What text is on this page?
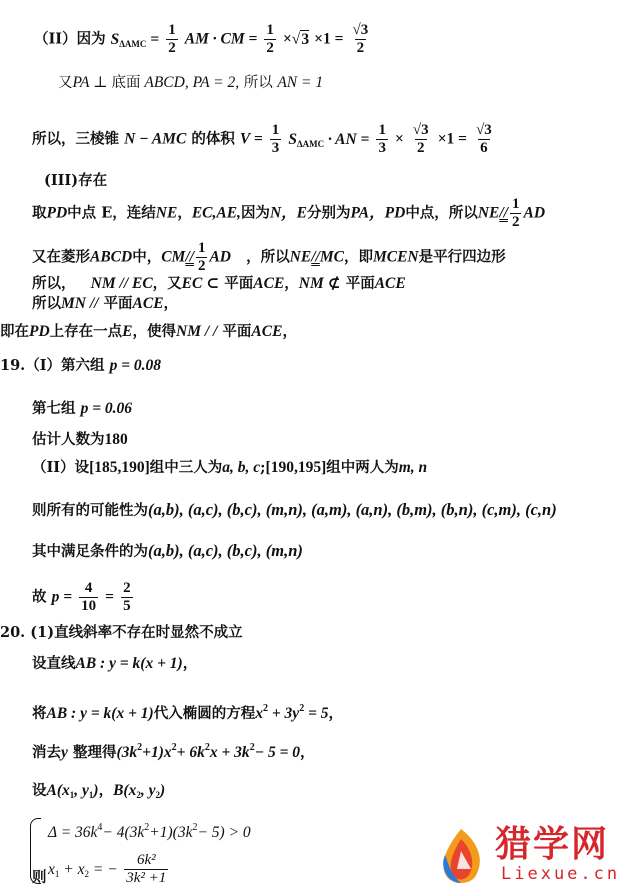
（II）因为 $S_{\Delta AMC} = \frac{1}{2}$ AM · CM = $\frac{1}{2} \times√3 \times 1 = \frac{√3}{2}$
又PA ⊥ 底面 ABCD, PA = 2, 所以 AN = 1
所以，三棱锥 N − AMC 的体积 $V = \frac{1}{3} S_{\Delta AMC}$ · AN = $\frac{1}{3} \times \frac{√3}{2} \times 1 = \frac{√3}{6}$
(III)存在
取PD中点 E，连结NE，EC,AE,因为N，E分别为PA，PD中点，所以$NE// \frac{1}{2}$ AD
又在菱形ABCD中，$CM// \frac{1}{2}$ AD ，所以NE//MC，即MCEN是平行四边形
所以， NM // EC，又EC ⊂ 平面ACE，NM ⊄ 平面ACE
所以MN // 平面ACE，
即在PD上存在一点E，使得NM / / 平面ACE，
19.（I）第六组 p = 0.08
第七组 p = 0.06
估计人数为180
（II）设[185,190]组中三人为a, b, c;[190,195]组中两人为m, n
则所有的可能性为(a,b), (a,c), (b,c), (m,n), (a,m), (a,n), (b,m), (b,n), (c,m), (c,n)
其中满足条件的为(a,b), (a,c), (b,c), (m,n)
故 $p = \frac{4}{10} = \frac{2}{5}$
20. (1)直线斜率不存在时显然不成立
设直线AB : y = k(x + 1)，
将AB : y = k(x + 1)代入椭圆的方程$x^2 + 3y^2 = 5$，
消去y 整理得$(3k^2+1)x^2+ 6k^2x + 3k^2- 5 = 0$，
设$A(x_1$, $y_1$)，$B(x_2$, $y_2$)
$\Delta = 36k^4- 4(3k^2+1)(3k^2- 5) > 0$
$x_1 + x_2$ = − $\frac{\text{6k²}}{\text{3k² +1}}$
则
猎学网
Liexue.cn
